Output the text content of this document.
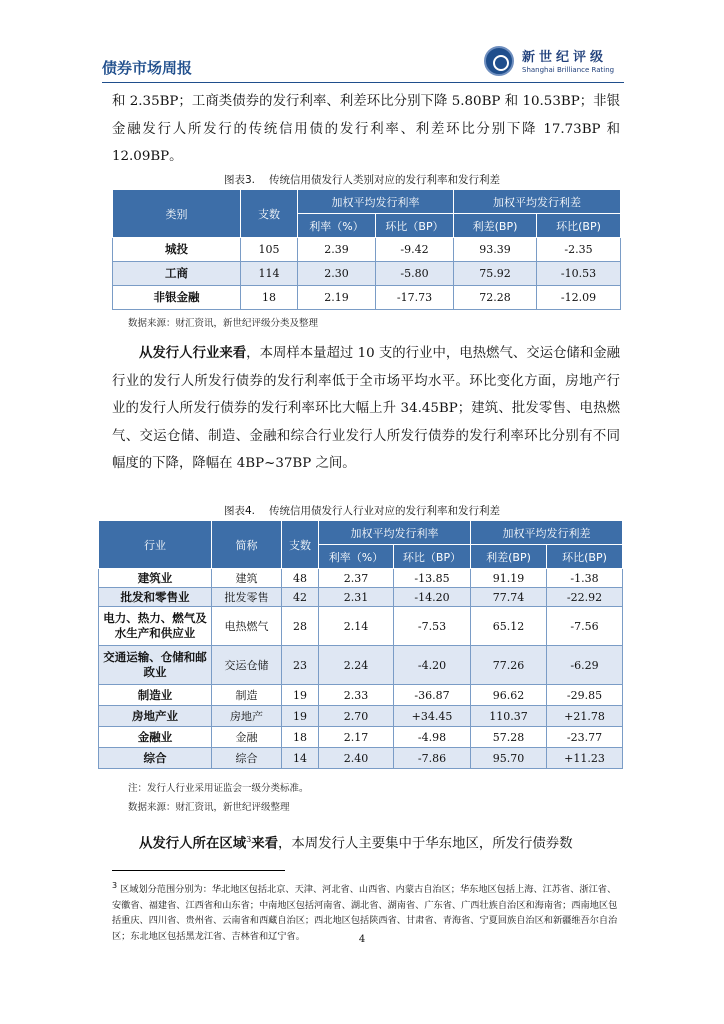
债券市场周报
新世纪评级
Shanghai Brilliance Rating

和 2.35BP；工商类债券的发行利率、利差环比分别下降 5.80BP 和 10.53BP；非银金融发行人所发行的传统信用债的发行利率、利差环比分别下降 17.73BP 和 12.09BP。

图表3. 传统信用债发行人类别对应的发行利率和发行利差
类别	支数	加权平均发行利率		加权平均发行利差	
		利率（%）	环比（BP）	利差(BP)	环比(BP)
城投	105	2.39	-9.42	93.39	-2.35
工商	114	2.30	-5.80	75.92	-10.53
非银金融	18	2.19	-17.73	72.28	-12.09
数据来源：财汇资讯，新世纪评级分类及整理

从发行人行业来看，本周样本量超过 10 支的行业中，电热燃气、交运仓储和金融行业的发行人所发行债券的发行利率低于全市场平均水平。环比变化方面，房地产行业的发行人所发行债券的发行利率环比大幅上升 34.45BP；建筑、批发零售、电热燃气、交运仓储、制造、金融和综合行业发行人所发行债券的发行利率环比分别有不同幅度的下降，降幅在 4BP~37BP 之间。

图表4. 传统信用债发行人行业对应的发行利率和发行利差
行业	简称	支数	加权平均发行利率		加权平均发行利差	
			利率（%）	环比（BP）	利差(BP)	环比(BP)
建筑业	建筑	48	2.37	-13.85	91.19	-1.38
批发和零售业	批发零售	42	2.31	-14.20	77.74	-22.92
电力、热力、燃气及水生产和供应业	电热燃气	28	2.14	-7.53	65.12	-7.56
交通运输、仓储和邮政业	交运仓储	23	2.24	-4.20	77.26	-6.29
制造业	制造	19	2.33	-36.87	96.62	-29.85
房地产业	房地产	19	2.70	+34.45	110.37	+21.78
金融业	金融	18	2.17	-4.98	57.28	-23.77
综合	综合	14	2.40	-7.86	95.70	+11.23
注：发行人行业采用证监会一级分类标准。
数据来源：财汇资讯，新世纪评级整理

从发行人所在区域$^3$来看，本周发行人主要集中于华东地区，所发行债券数

$^3$ 区域划分范围分别为：华北地区包括北京、天津、河北省、山西省、内蒙古自治区；华东地区包括上海、江苏省、浙江省、安徽省、福建省、江西省和山东省；中南地区包括河南省、湖北省、湖南省、广东省、广西壮族自治区和海南省；西南地区包括重庆、四川省、贵州省、云南省和西藏自治区；西北地区包括陕西省、甘肃省、青海省、宁夏回族自治区和新疆维吾尔自治区；东北地区包括黑龙江省、吉林省和辽宁省。	4
